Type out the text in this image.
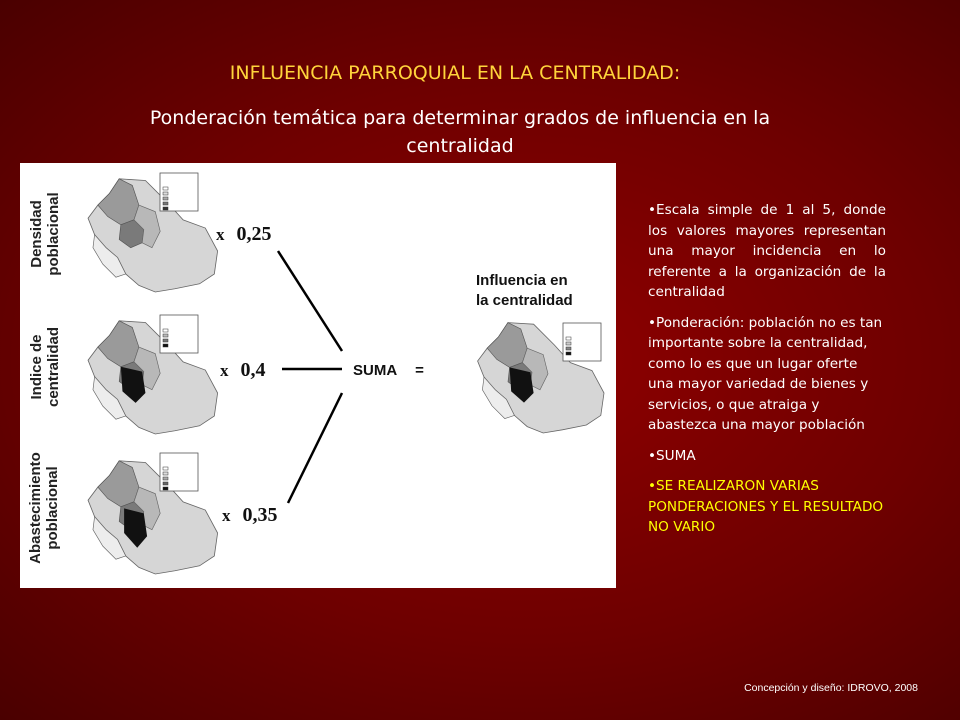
INFLUENCIA PARROQUIAL EN LA CENTRALIDAD:
Ponderación temática para determinar grados de influencia en la centralidad
Densidad poblacional
Indice de centralidad
Abastecimiento poblacional
x 0,25
x 0,4
x 0,35
SUMA =
Influencia en
la centralidad

•Escala simple de 1 al 5, donde los valores mayores representan una mayor incidencia en lo referente a la organización de la centralidad

•Ponderación: población no es tan importante sobre la centralidad, como lo es que un lugar oferte una mayor variedad de bienes y servicios, o que atraiga y abastezca una mayor población

•SUMA

•SE REALIZARON VARIAS PONDERACIONES Y EL RESULTADO NO VARIO

Concepción y diseño: IDROVO, 2008
